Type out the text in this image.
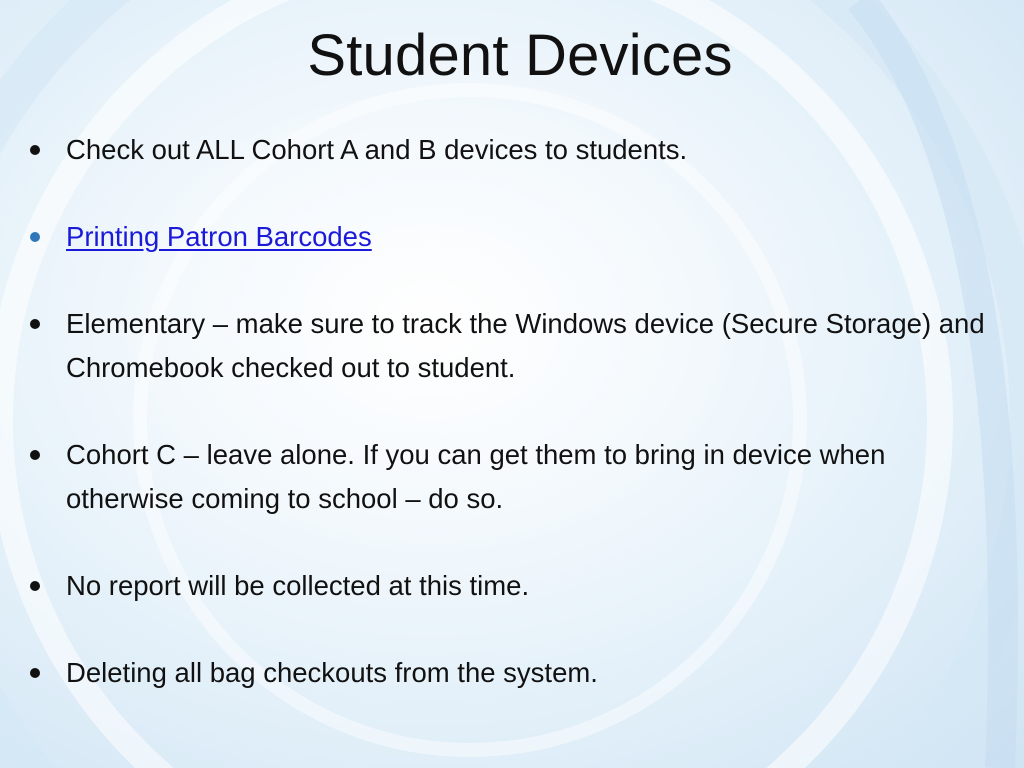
Student Devices
Check out ALL Cohort A and B devices to students.
Printing Patron Barcodes
Elementary – make sure to track the Windows device (Secure Storage) and Chromebook checked out to student.
Cohort C – leave alone. If you can get them to bring in device when otherwise coming to school – do so.
No report will be collected at this time.
Deleting all bag checkouts from the system.
